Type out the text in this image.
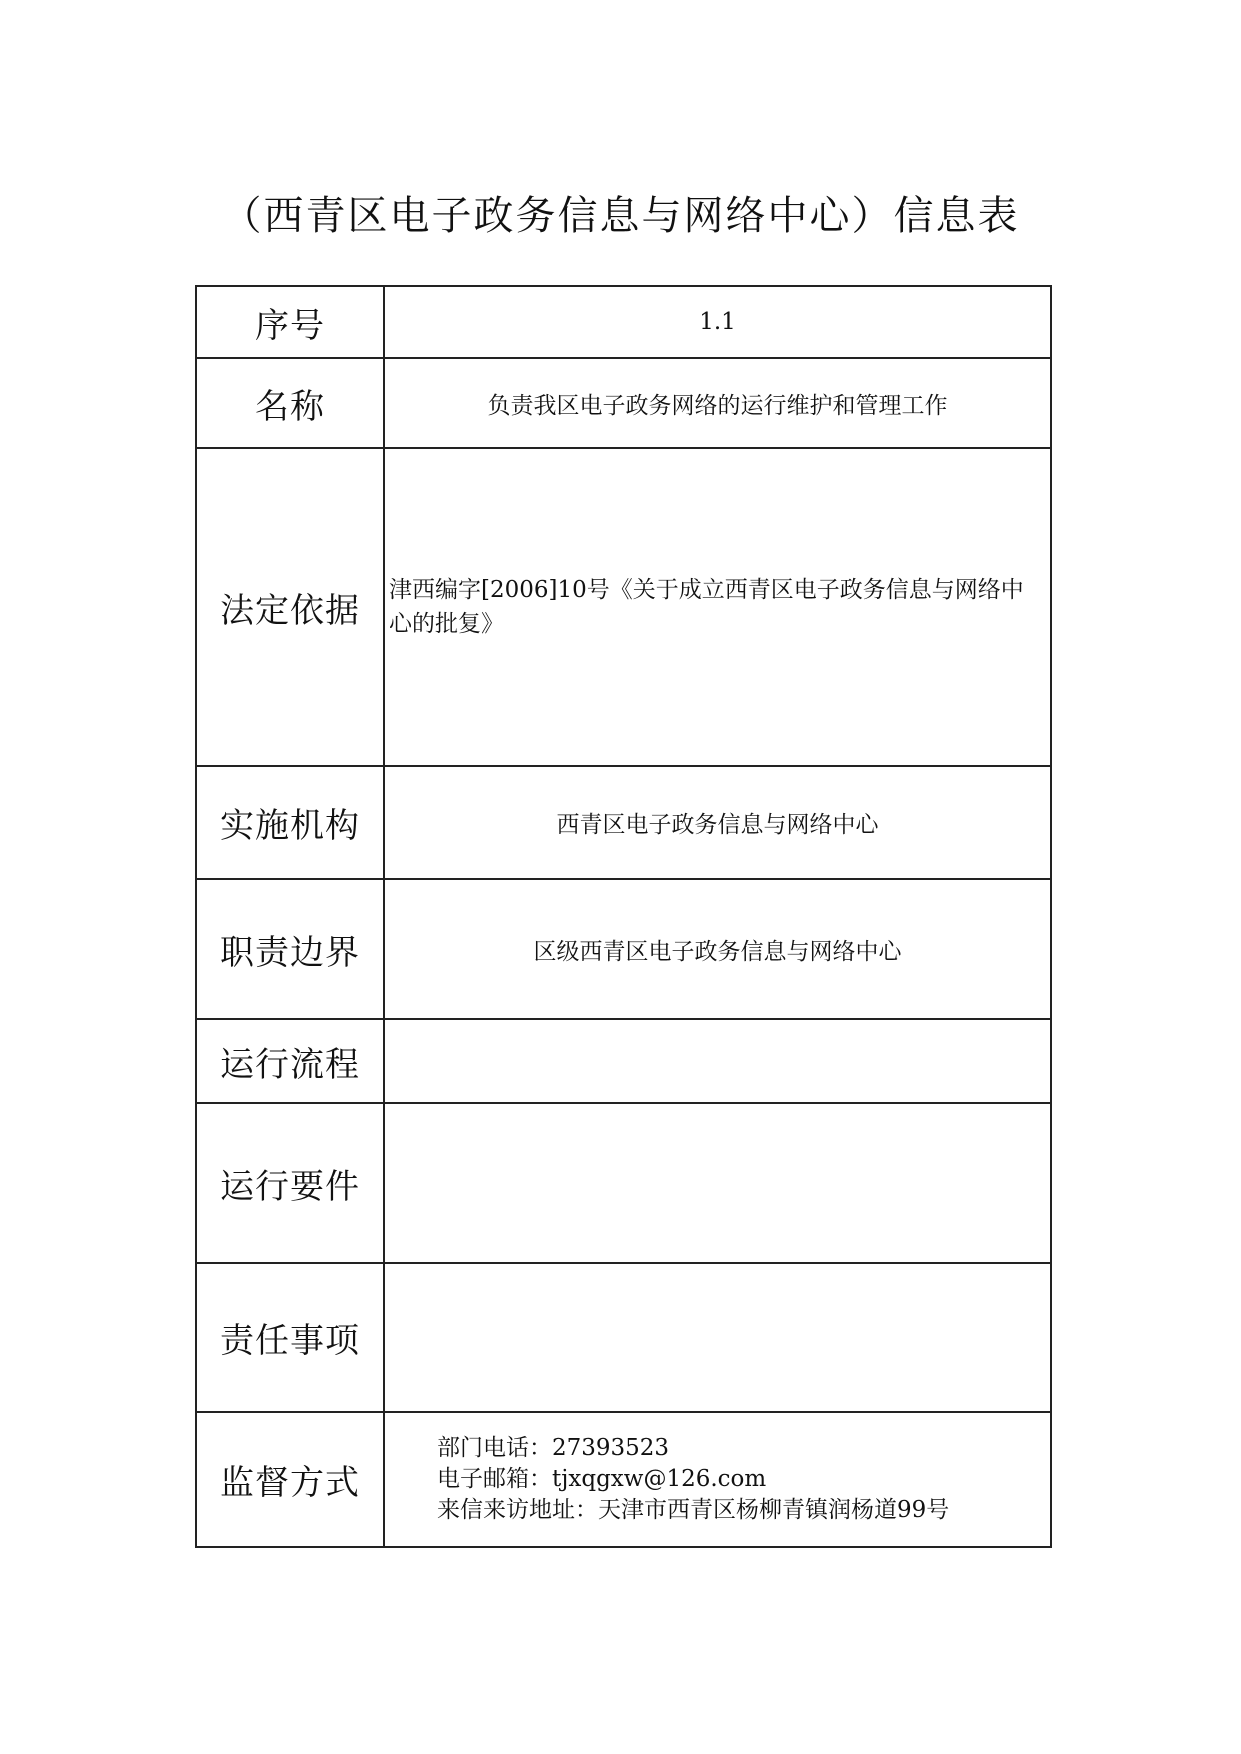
（西青区电子政务信息与网络中心）信息表
序号	1.1
名称	负责我区电子政务网络的运行维护和管理工作
法定依据	津西编字[2006]10号《关于成立西青区电子政务信息与网络中心的批复》
实施机构	西青区电子政务信息与网络中心
职责边界	区级西青区电子政务信息与网络中心
运行流程	
运行要件	
责任事项	
监督方式	部门电话：27393523
电子邮箱：tjxqgxw@126.com
来信来访地址：天津市西青区杨柳青镇润杨道99号
